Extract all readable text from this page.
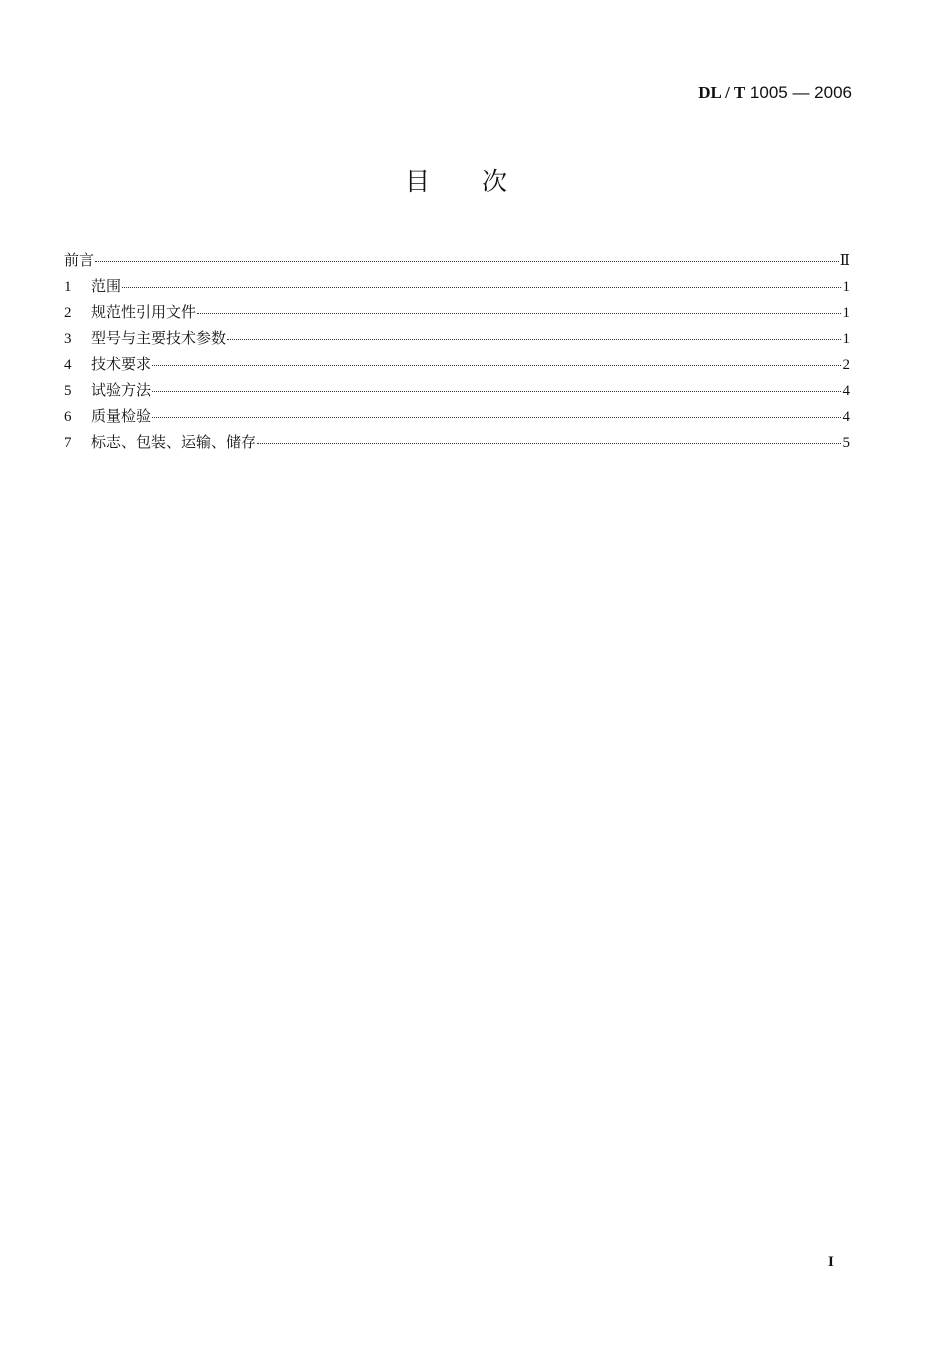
DL / T 1005 — 2006
目次
前言	Ⅱ
1	范围	1
2	规范性引用文件	1
3	型号与主要技术参数	1
4	技术要求	2
5	试验方法	4
6	质量检验	4
7	标志、包装、运输、储存	5
I
